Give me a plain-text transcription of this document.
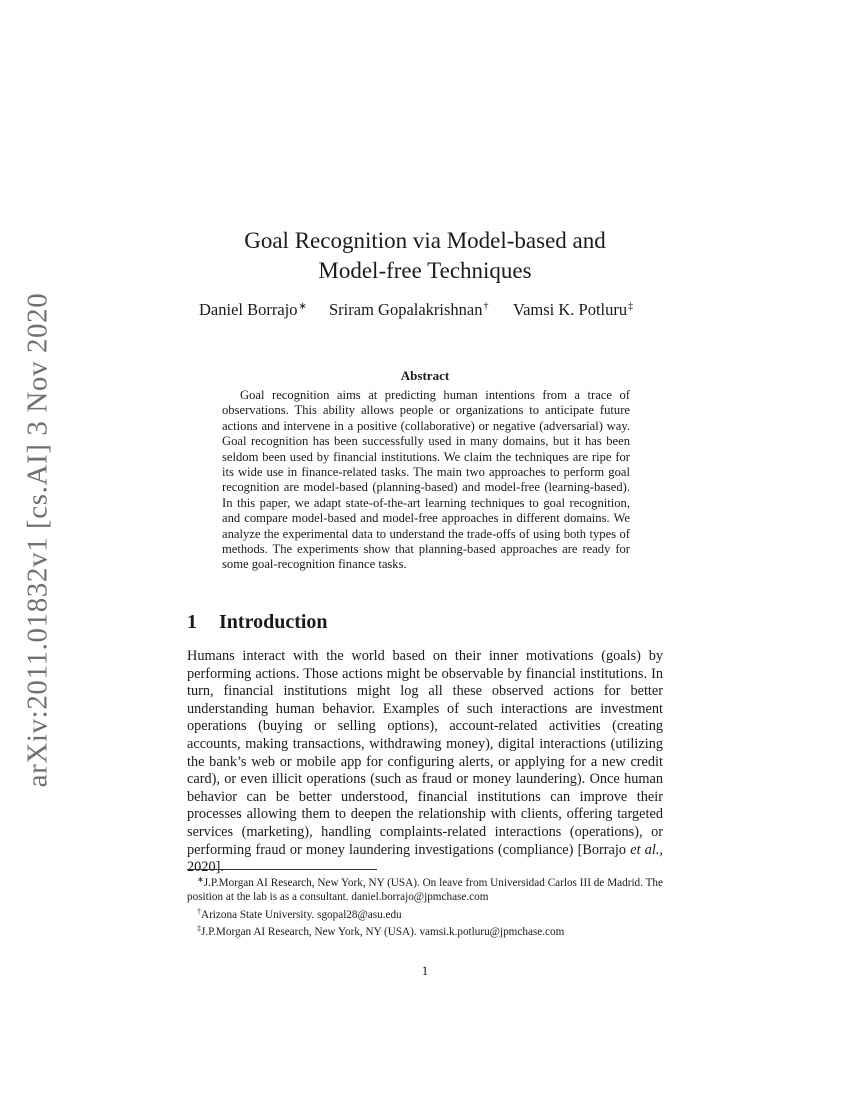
arXiv:2011.01832v1 [cs.AI] 3 Nov 2020
Goal Recognition via Model-based and
Model-free Techniques
Daniel Borrajo∗ Sriram Gopalakrishnan† Vamsi K. Potluru‡
Abstract

Goal recognition aims at predicting human intentions from a trace of observations. This ability allows people or organizations to anticipate future actions and intervene in a positive (collaborative) or negative (adversarial) way. Goal recognition has been successfully used in many domains, but it has been seldom been used by financial institutions. We claim the techniques are ripe for its wide use in finance-related tasks. The main two approaches to perform goal recognition are model-based (planning-based) and model-free (learning-based). In this paper, we adapt state-of-the-art learning techniques to goal recognition, and compare model-based and model-free approaches in different domains. We analyze the experimental data to understand the trade-offs of using both types of methods. The experiments show that planning-based approaches are ready for some goal-recognition finance tasks.

1 Introduction

Humans interact with the world based on their inner motivations (goals) by performing actions. Those actions might be observable by financial institutions. In turn, financial institutions might log all these observed actions for better understanding human behavior. Examples of such interactions are investment operations (buying or selling options), account-related activities (creating accounts, making transactions, withdrawing money), digital interactions (utilizing the bank’s web or mobile app for configuring alerts, or applying for a new credit card), or even illicit operations (such as fraud or money laundering). Once human behavior can be better understood, financial institutions can improve their processes allowing them to deepen the relationship with clients, offering targeted services (marketing), handling complaints-related interactions (operations), or performing fraud or money laundering investigations (compliance) [Borrajo et al., 2020].

∗J.P.Morgan AI Research, New York, NY (USA). On leave from Universidad Carlos III de Madrid. The position at the lab is as a consultant. daniel.borrajo@jpmchase.com

†Arizona State University. sgopal28@asu.edu

‡J.P.Morgan AI Research, New York, NY (USA). vamsi.k.potluru@jpmchase.com

1
